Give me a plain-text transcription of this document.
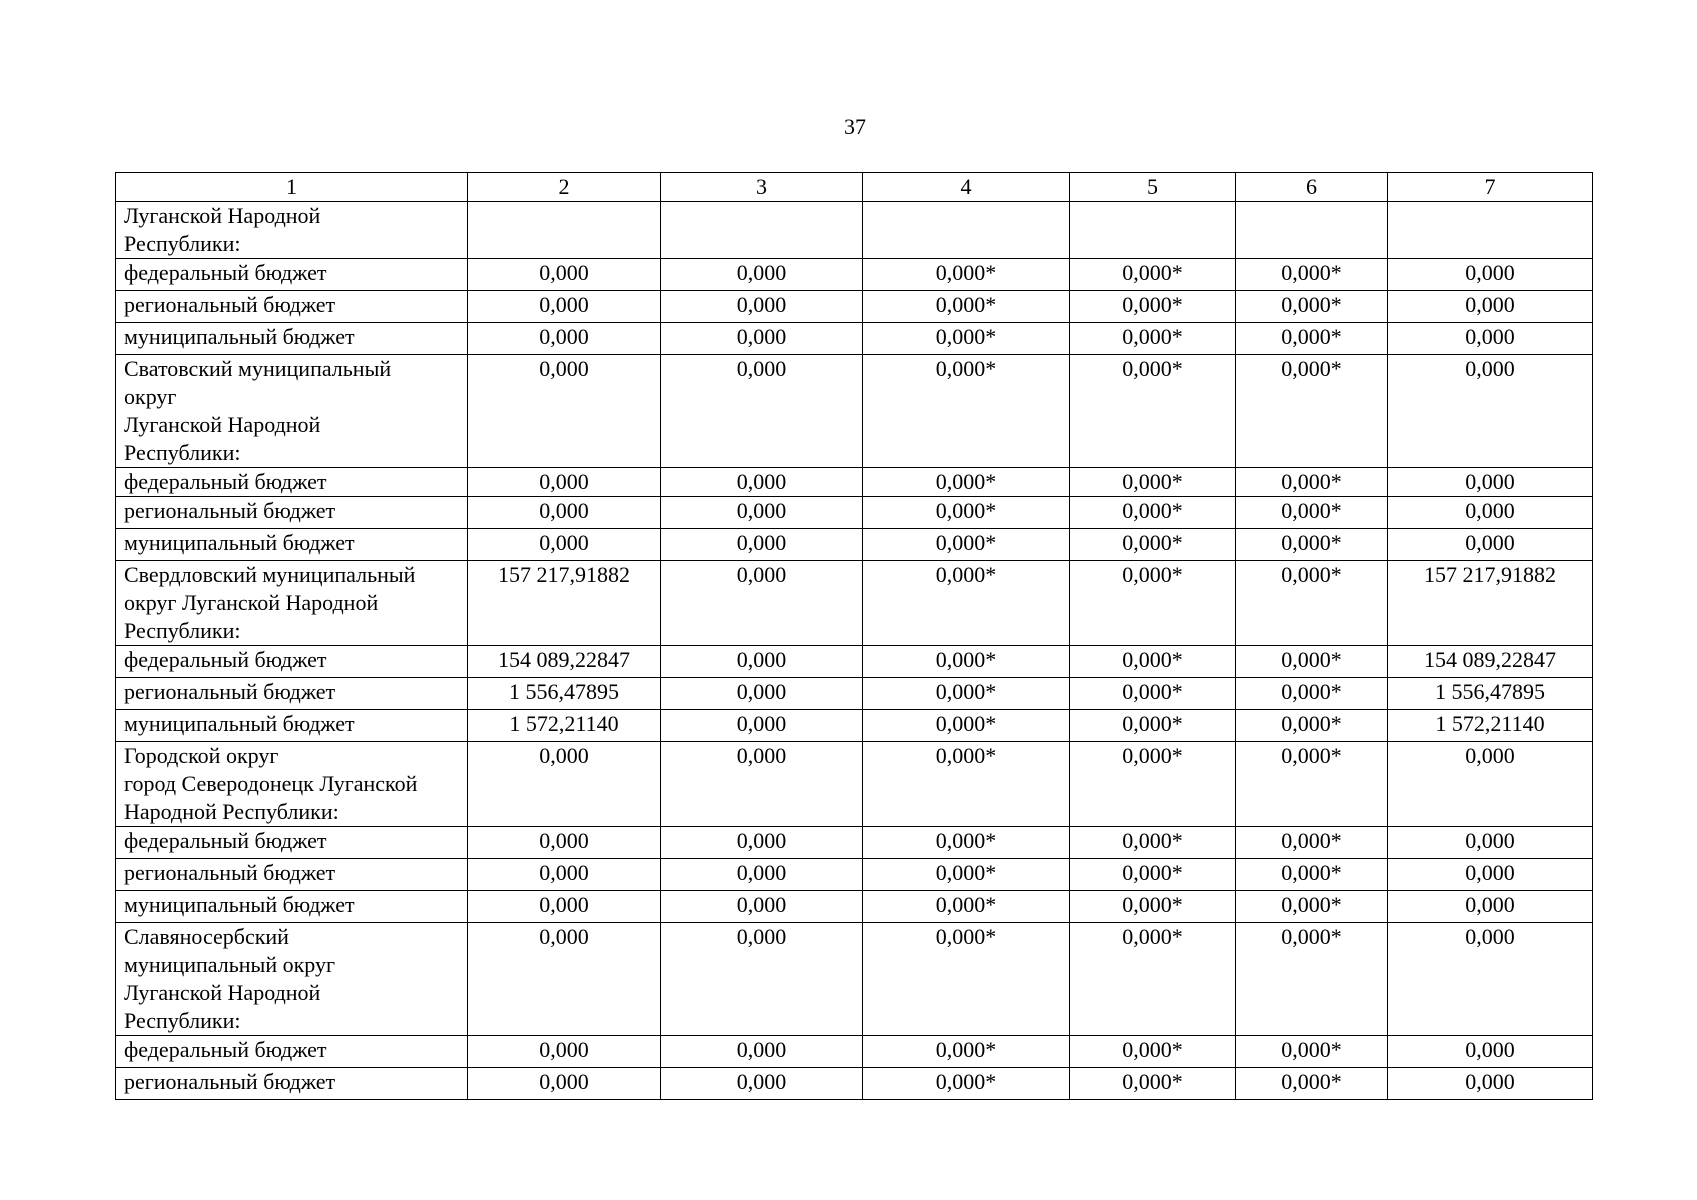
37
1	2	3	4	5	6	7
Луганской Народной
Республики:						
федеральный бюджет	0,000	0,000	0,000*	0,000*	0,000*	0,000
региональный бюджет	0,000	0,000	0,000*	0,000*	0,000*	0,000
муниципальный бюджет	0,000	0,000	0,000*	0,000*	0,000*	0,000
Сватовский муниципальный
округ
Луганской Народной
Республики:	0,000	0,000	0,000*	0,000*	0,000*	0,000
федеральный бюджет	0,000	0,000	0,000*	0,000*	0,000*	0,000
региональный бюджет	0,000	0,000	0,000*	0,000*	0,000*	0,000
муниципальный бюджет	0,000	0,000	0,000*	0,000*	0,000*	0,000
Свердловский муниципальный
округ Луганской Народной
Республики:	157 217,91882	0,000	0,000*	0,000*	0,000*	157 217,91882
федеральный бюджет	154 089,22847	0,000	0,000*	0,000*	0,000*	154 089,22847
региональный бюджет	1 556,47895	0,000	0,000*	0,000*	0,000*	1 556,47895
муниципальный бюджет	1 572,21140	0,000	0,000*	0,000*	0,000*	1 572,21140
Городской округ
город Северодонецк Луганской
Народной Республики:	0,000	0,000	0,000*	0,000*	0,000*	0,000
федеральный бюджет	0,000	0,000	0,000*	0,000*	0,000*	0,000
региональный бюджет	0,000	0,000	0,000*	0,000*	0,000*	0,000
муниципальный бюджет	0,000	0,000	0,000*	0,000*	0,000*	0,000
Славяносербский
муниципальный округ
Луганской Народной
Республики:	0,000	0,000	0,000*	0,000*	0,000*	0,000
федеральный бюджет	0,000	0,000	0,000*	0,000*	0,000*	0,000
региональный бюджет	0,000	0,000	0,000*	0,000*	0,000*	0,000
